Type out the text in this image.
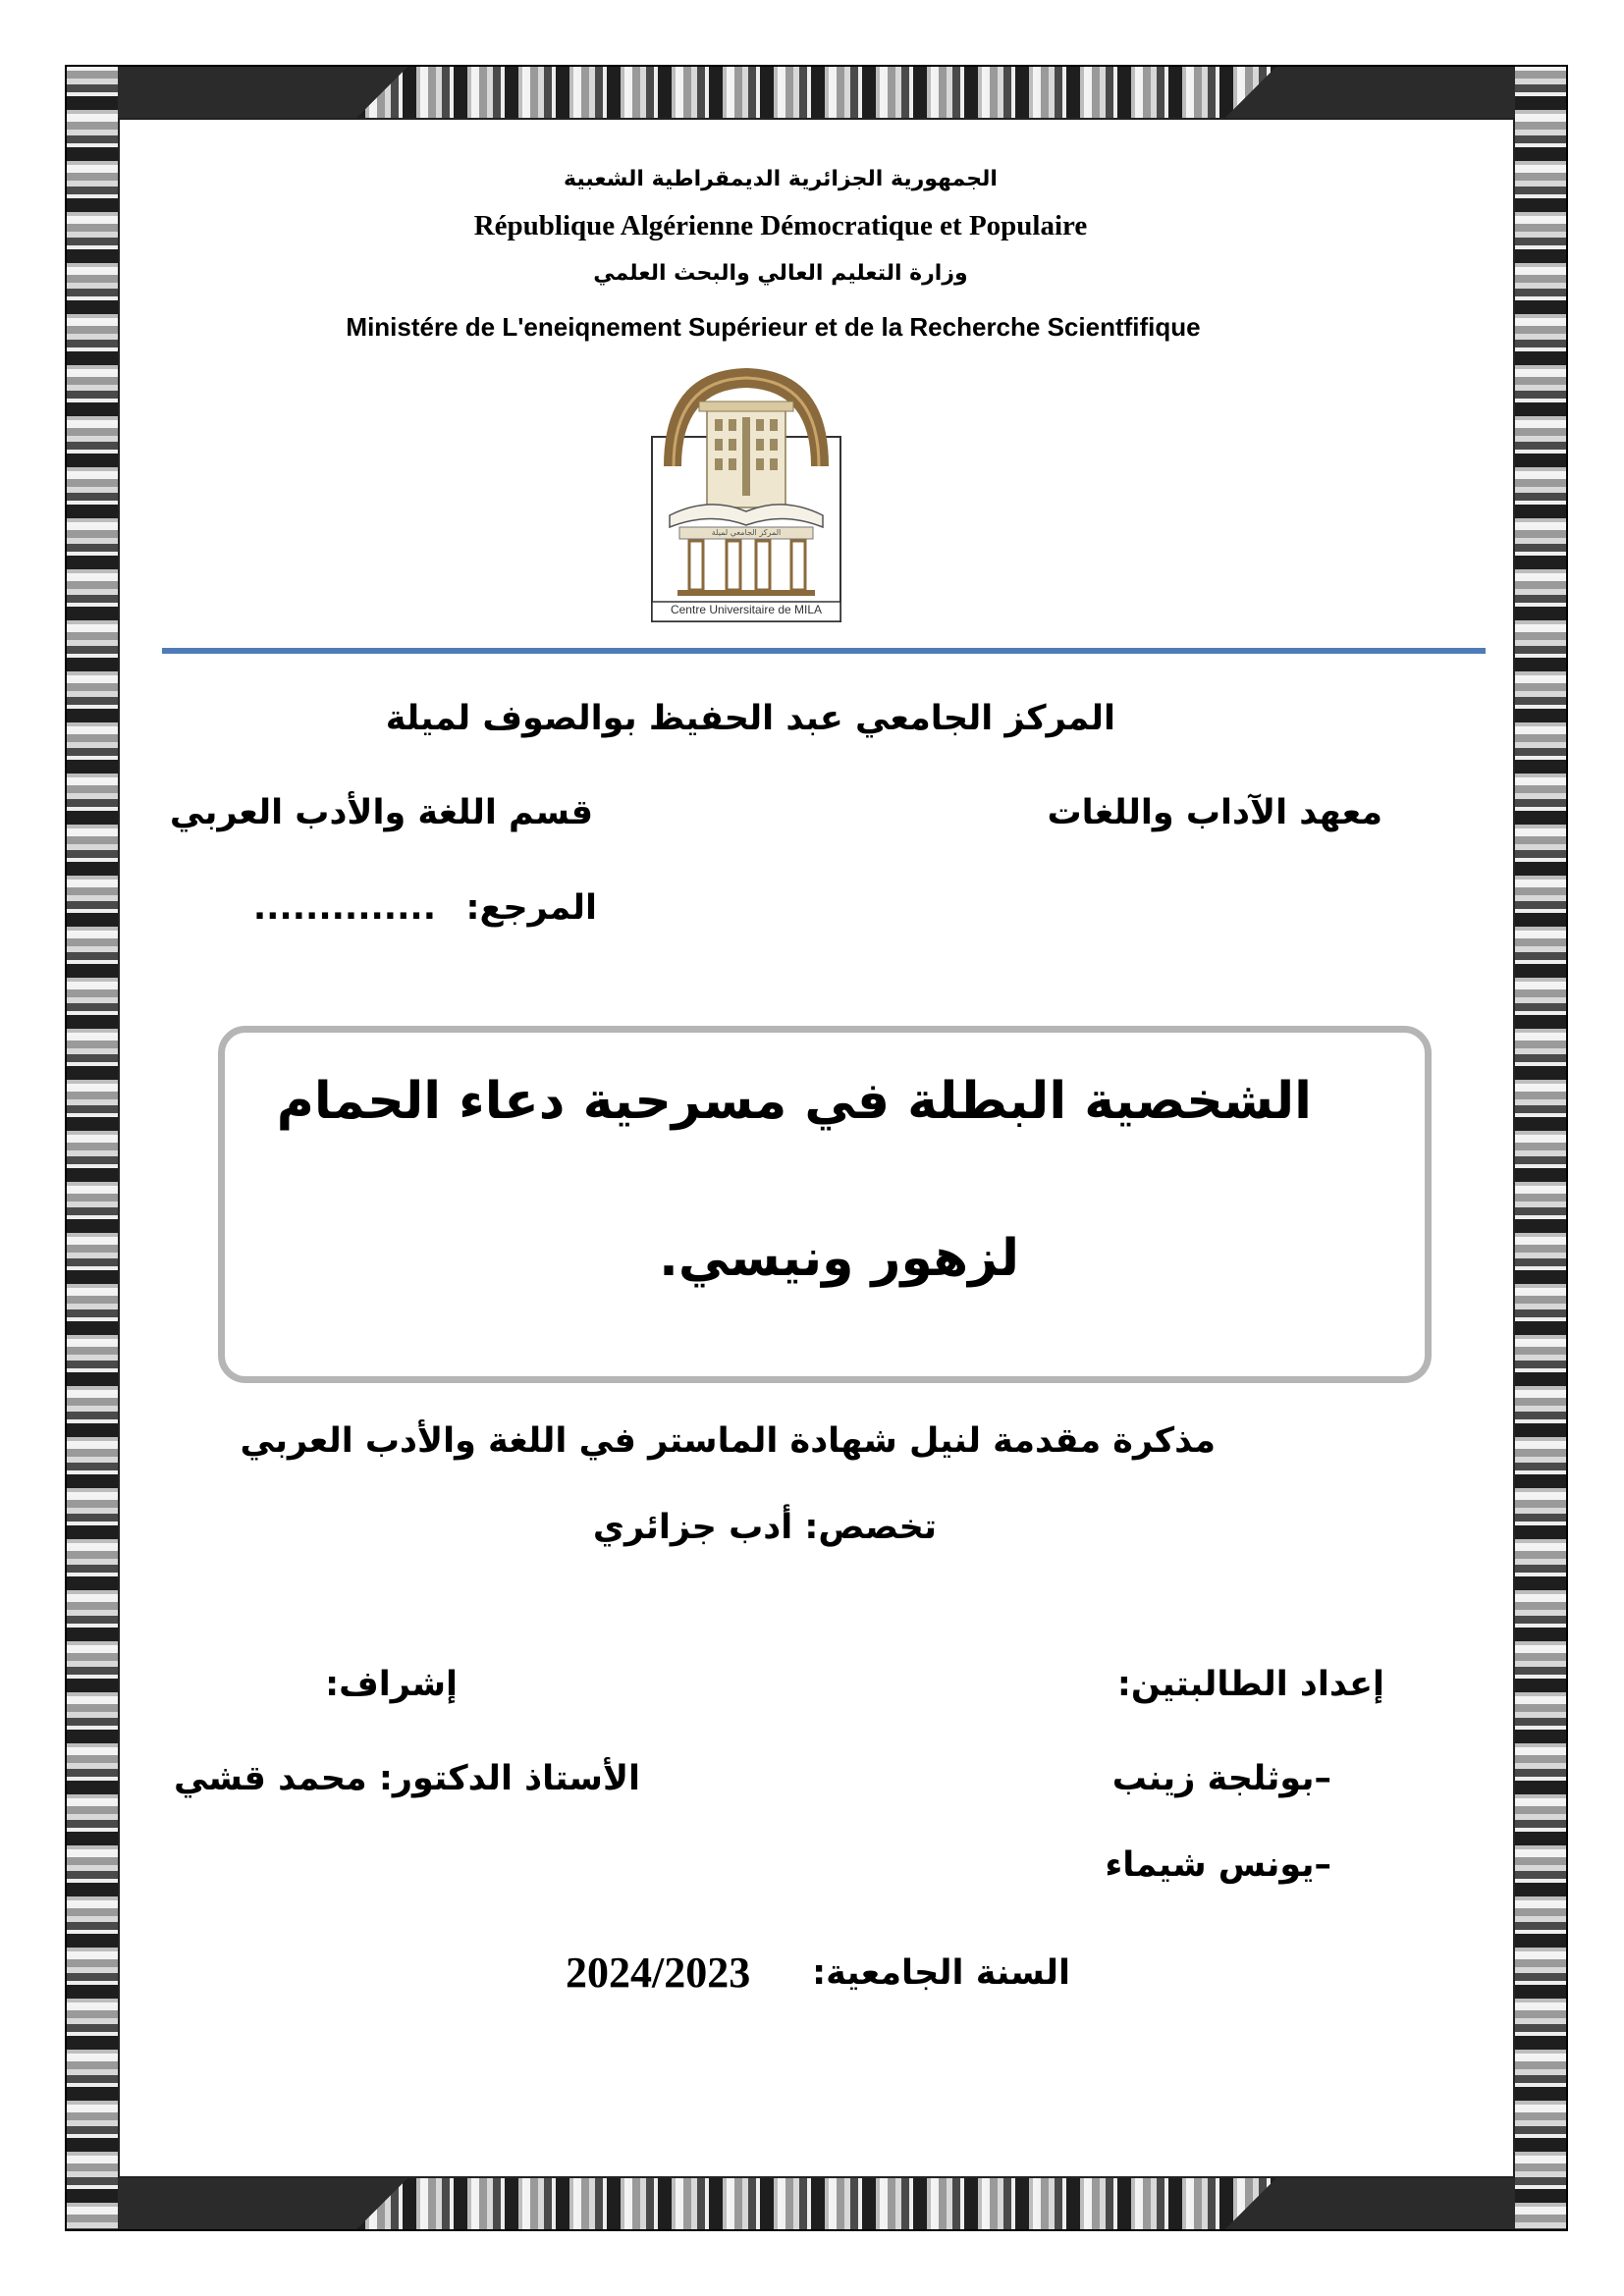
الجمهورية الجزائرية الديمقراطية الشعبية
République Algérienne Démocratique et Populaire
وزارة التعليم العالي والبحث العلمي
Ministére de L'eneiqnement Supérieur et de la Recherche Scientfifique
Centre Universitaire de MILA
المركز الجامعي لميلة
المركز الجامعي عبد الحفيظ بوالصوف لميلة
معهد الآداب واللغات
قسم اللغة والأدب العربي
المرجع:
..............
الشخصية البطلة في مسرحية دعاء الحمام
لزهور ونيسي.
مذكرة مقدمة لنيل شهادة الماستر في اللغة والأدب العربي
تخصص: أدب جزائري
إعداد الطالبتين:
إشراف:
–بوثلجة زينب
الأستاذ الدكتور: محمد قشي
–يونس شيماء
السنة الجامعية:
2024/2023
